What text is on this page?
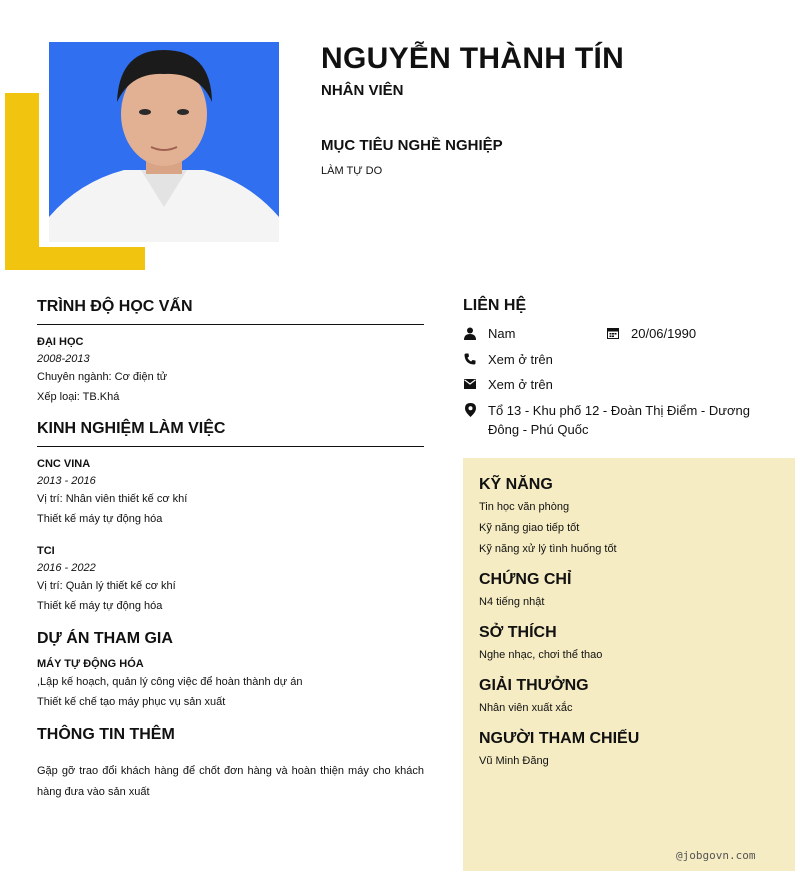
NGUYỄN THÀNH TÍN
NHÂN VIÊN
MỤC TIÊU NGHỀ NGHIỆP
LÀM TỰ DO
TRÌNH ĐỘ HỌC VẤN
ĐẠI HỌC
2008-2013
Chuyên ngành: Cơ điện tử
Xếp loại: TB.Khá
KINH NGHIỆM LÀM VIỆC
CNC VINA
2013 - 2016
Vị trí: Nhân viên thiết kế cơ khí
Thiết kế máy tự động hóa
TCI
2016 - 2022
Vị trí: Quản lý thiết kế cơ khí
Thiết kế máy tự động hóa
DỰ ÁN THAM GIA
MÁY TỰ ĐỘNG HÓA
,Lập kế hoạch, quản lý công việc để hoàn thành dự án
Thiết kế chế tạo máy phục vụ sản xuất
THÔNG TIN THÊM
Gặp gỡ trao đổi khách hàng để chốt đơn hàng và hoàn thiện máy cho khách hàng đưa vào sản xuất
LIÊN HỆ
Nam	20/06/1990
Xem ở trên
Xem ở trên
Tổ 13 - Khu phố 12 - Đoàn Thị Điểm - Dương Đông - Phú Quốc
KỸ NĂNG
Tin học văn phòng
Kỹ năng giao tiếp tốt
Kỹ năng xử lý tình huống tốt
CHỨNG CHỈ
N4 tiếng nhật
SỞ THÍCH
Nghe nhạc, chơi thể thao
GIẢI THƯỞNG
Nhân viên xuất xắc
NGƯỜI THAM CHIẾU
Vũ Minh Đăng
@jobgovn.com
